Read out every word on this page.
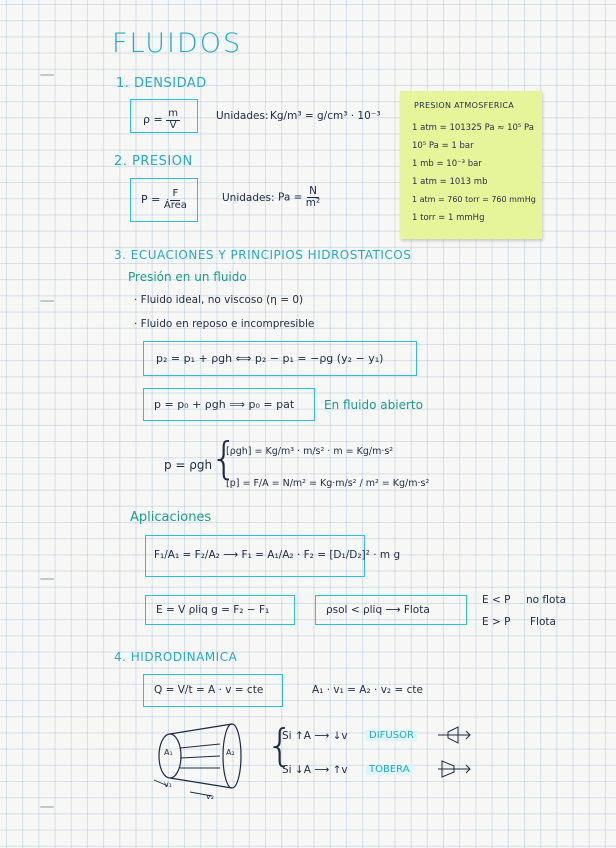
FLUIDOS
1. DENSIDAD
$\rho = \frac{m}{V}$	Unidades: Kg/m³ = g/cm³ · 10⁻³
2. PRESION
$P = \frac{F}{\text{Área}}$	Unidades: $Pa = \frac{N}{\text{m²}}$
PRESION ATMOSFERICA
1 atm = 101325 Pa ≈ 10⁵ Pa
10⁵ Pa = 1 bar
1 mb = 10⁻³ bar
1 atm = 1013 mb
1 atm = 760 torr = 760 mmHg
1 torr = 1 mmHg
3. ECUACIONES Y PRINCIPIOS HIDROSTATICOS
Presión en un fluido
· Fluido ideal, no viscoso (η = 0)
· Fluido en reposo e incompresible
p₂ = p₁ + ρgh ⟺ p₂ − p₁ = −ρg (y₂ − y₁)
p = p₀ + ρgh ⟹ p₀ = pat En fluido abierto
p = ρgh
{
[ρgh] = Kg/m³ · m/s² · m = Kg/m·s²
[p] = F/A = N/m² = Kg·m/s² / m² = Kg/m·s²
Aplicaciones
F₁/A₁ = F₂/A₂ ⟶ F₁ = A₁/A₂ · F₂ = [D₁/D₂]² · m g
E = V ρliq g = F₂ − F₁	ρsol < ρliq ⟶ Flota
E < P no flota
E > P Flota
4. HIDRODINAMICA
Q = V/t = A · v = cte	A₁ · v₁ = A₂ · v₂ = cte
A₁	A₂
v₁
v₂
{
Si ↑A ⟶ ↓v	DIFUSOR
Si ↓A ⟶ ↑v	TOBERA
